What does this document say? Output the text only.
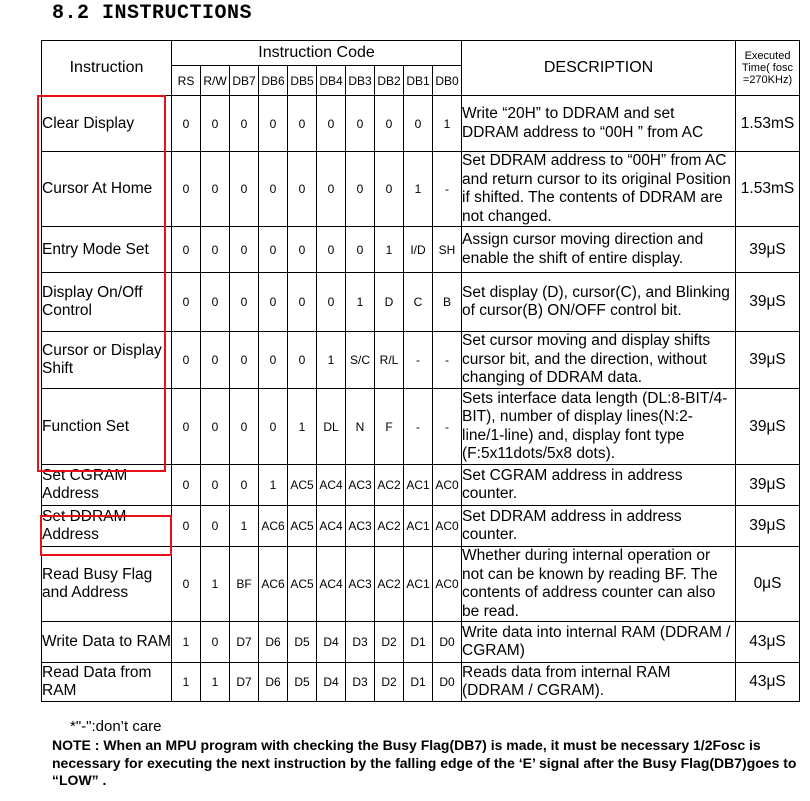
8.2 INSTRUCTIONS
Instruction	Instruction Code										DESCRIPTION	Executed Time( fosc =270KHz)
	RS	R/W	DB7	DB6	DB5	DB4	DB3	DB2	DB1	DB0		
Clear Display	0	0	0	0	0	0	0	0	0	1	Write “20H” to DDRAM and set DDRAM address to “00H ” from AC	1.53mS
Cursor At Home	0	0	0	0	0	0	0	0	1	-	Set DDRAM address to “00H” from AC and return cursor to its original Position if shifted. The contents of DDRAM are not changed.	1.53mS
Entry Mode Set	0	0	0	0	0	0	0	1	I/D	SH	Assign cursor moving direction and enable the shift of entire display.	39μS
Display On/Off Control	0	0	0	0	0	0	1	D	C	B	Set display (D), cursor(C), and Blinking of cursor(B) ON/OFF control bit.	39μS
Cursor or Display Shift	0	0	0	0	0	1	S/C	R/L	-	-	Set cursor moving and display shifts cursor bit, and the direction, without changing of DDRAM data.	39μS
Function Set	0	0	0	0	1	DL	N	F	-	-	Sets interface data length (DL:8-BIT/4-BIT), number of display lines(N:2-line/1-line) and, display font type (F:5x11dots/5x8 dots).	39μS
Set CGRAM Address	0	0	0	1	AC5	AC4	AC3	AC2	AC1	AC0	Set CGRAM address in address counter.	39μS
Set DDRAM Address	0	0	1	AC6	AC5	AC4	AC3	AC2	AC1	AC0	Set DDRAM address in address counter.	39μS
Read Busy Flag and Address	0	1	BF	AC6	AC5	AC4	AC3	AC2	AC1	AC0	Whether during internal operation or not can be known by reading BF. The contents of address counter can also be read.	0μS
Write Data to RAM	1	0	D7	D6	D5	D4	D3	D2	D1	D0	Write data into internal RAM (DDRAM / CGRAM)	43μS
Read Data from RAM	1	1	D7	D6	D5	D4	D3	D2	D1	D0	Reads data from internal RAM (DDRAM / CGRAM).	43μS
*"-":don’t care
NOTE : When an MPU program with checking the Busy Flag(DB7) is made, it must be necessary 1/2Fosc is necessary for executing the next instruction by the falling edge of the ‘E’ signal after the Busy Flag(DB7)goes to “LOW” .
